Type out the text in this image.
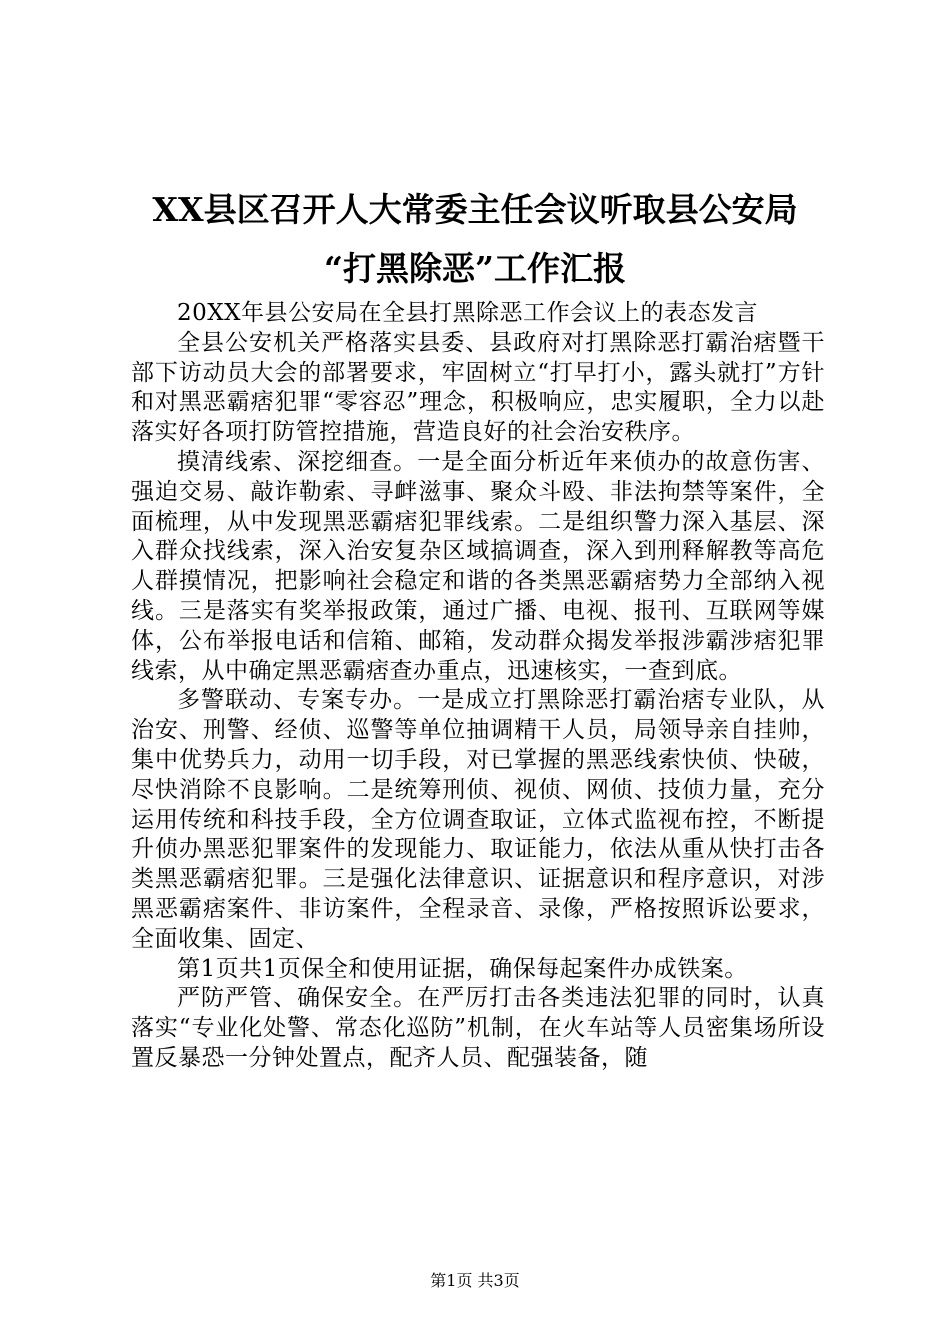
XX县区召开人大常委主任会议听取县公安局
“打黑除恶”工作汇报

20XX年县公安局在全县打黑除恶工作会议上的表态发言

全县公安机关严格落实县委、县政府对打黑除恶打霸治痞暨干部下访动员大会的部署要求，牢固树立“打早打小，露头就打”方针和对黑恶霸痞犯罪“零容忍”理念，积极响应，忠实履职，全力以赴落实好各项打防管控措施，营造良好的社会治安秩序。

摸清线索、深挖细查。一是全面分析近年来侦办的故意伤害、强迫交易、敲诈勒索、寻衅滋事、聚众斗殴、非法拘禁等案件，全面梳理，从中发现黑恶霸痞犯罪线索。二是组织警力深入基层、深入群众找线索，深入治安复杂区域搞调查，深入到刑释解教等高危人群摸情况，把影响社会稳定和谐的各类黑恶霸痞势力全部纳入视线。三是落实有奖举报政策，通过广播、电视、报刊、互联网等媒体，公布举报电话和信箱、邮箱，发动群众揭发举报涉霸涉痞犯罪线索，从中确定黑恶霸痞查办重点，迅速核实，一查到底。

多警联动、专案专办。一是成立打黑除恶打霸治痞专业队，从治安、刑警、经侦、巡警等单位抽调精干人员，局领导亲自挂帅，集中优势兵力，动用一切手段，对已掌握的黑恶线索快侦、快破，尽快消除不良影响。二是统筹刑侦、视侦、网侦、技侦力量，充分运用传统和科技手段，全方位调查取证，立体式监视布控，不断提升侦办黑恶犯罪案件的发现能力、取证能力，依法从重从快打击各类黑恶霸痞犯罪。三是强化法律意识、证据意识和程序意识，对涉黑恶霸痞案件、非访案件，全程录音、录像，严格按照诉讼要求，全面收集、固定、

第1页共1页保全和使用证据，确保每起案件办成铁案。

严防严管、确保安全。在严厉打击各类违法犯罪的同时，认真落实“专业化处警、常态化巡防”机制，在火车站等人员密集场所设置反暴恐一分钟处置点，配齐人员、配强装备，随

第1页 共3页
